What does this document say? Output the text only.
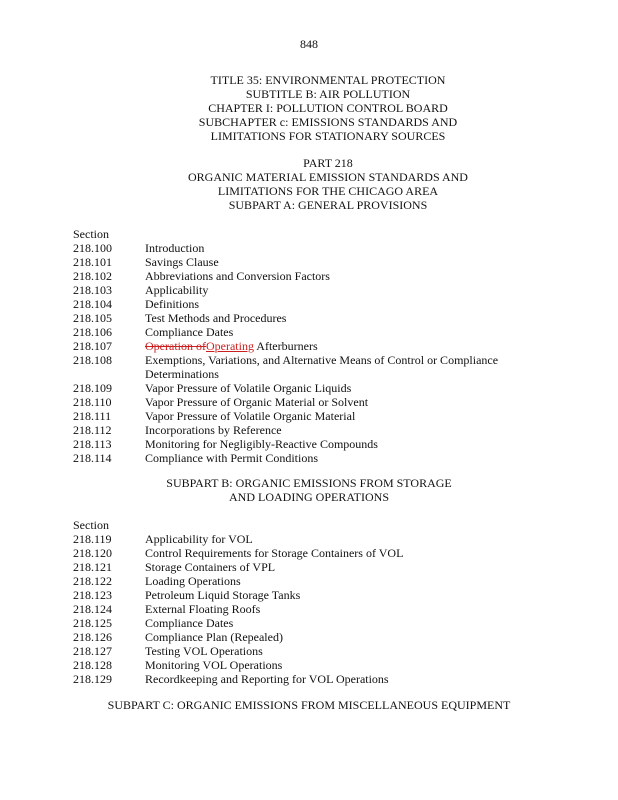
848
TITLE 35: ENVIRONMENTAL PROTECTION
SUBTITLE B: AIR POLLUTION
CHAPTER I: POLLUTION CONTROL BOARD
SUBCHAPTER c: EMISSIONS STANDARDS AND
LIMITATIONS FOR STATIONARY SOURCES
PART 218
ORGANIC MATERIAL EMISSION STANDARDS AND
LIMITATIONS FOR THE CHICAGO AREA
SUBPART A: GENERAL PROVISIONS
Section
218.100	Introduction
218.101	Savings Clause
218.102	Abbreviations and Conversion Factors
218.103	Applicability
218.104	Definitions
218.105	Test Methods and Procedures
218.106	Compliance Dates
218.107	Operation ofOperating Afterburners
218.108	Exemptions, Variations, and Alternative Means of Control or Compliance
Determinations
218.109	Vapor Pressure of Volatile Organic Liquids
218.110	Vapor Pressure of Organic Material or Solvent
218.111	Vapor Pressure of Volatile Organic Material
218.112	Incorporations by Reference
218.113	Monitoring for Negligibly-Reactive Compounds
218.114	Compliance with Permit Conditions
SUBPART B: ORGANIC EMISSIONS FROM STORAGE
AND LOADING OPERATIONS
Section
218.119	Applicability for VOL
218.120	Control Requirements for Storage Containers of VOL
218.121	Storage Containers of VPL
218.122	Loading Operations
218.123	Petroleum Liquid Storage Tanks
218.124	External Floating Roofs
218.125	Compliance Dates
218.126	Compliance Plan (Repealed)
218.127	Testing VOL Operations
218.128	Monitoring VOL Operations
218.129	Recordkeeping and Reporting for VOL Operations
SUBPART C: ORGANIC EMISSIONS FROM MISCELLANEOUS EQUIPMENT
